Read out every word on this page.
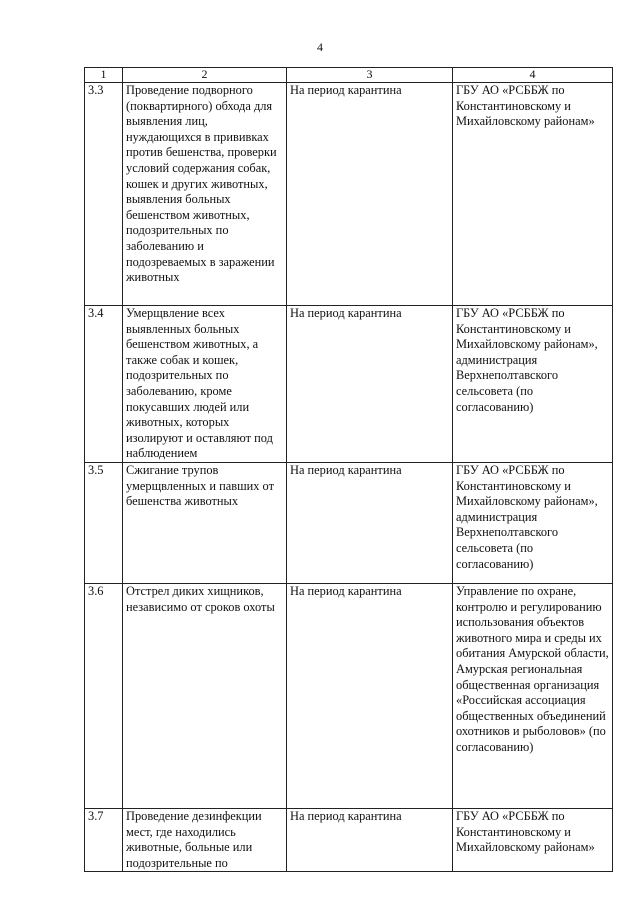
4
1	2	3	4
3.3	Проведение подворного (поквартирного) обхода для выявления лиц, нуждающихся в прививках против бешенства, проверки условий содержания собак, кошек и других животных, выявления больных бешенством животных, подозрительных по заболеванию и подозреваемых в заражении животных	На период карантина	ГБУ АО «РСББЖ по Константиновскому и Михайловскому районам»
3.4	Умерщвление всех выявленных больных бешенством животных, а также собак и кошек, подозрительных по заболеванию, кроме покусавших людей или животных, которых изолируют и оставляют под наблюдением	На период карантина	ГБУ АО «РСББЖ по Константиновскому и Михайловскому районам», администрация Верхнеполтавского сельсовета (по согласованию)
3.5	Сжигание трупов умерщвленных и павших от бешенства животных	На период карантина	ГБУ АО «РСББЖ по Константиновскому и Михайловскому районам», администрация Верхнеполтавского сельсовета (по согласованию)
3.6	Отстрел диких хищников, независимо от сроков охоты	На период карантина	Управление по охране, контролю и регулированию использования объектов животного мира и среды их обитания Амурской области, Амурская региональная общественная организация «Российская ассоциация общественных объединений охотников и рыболовов» (по согласованию)
3.7	Проведение дезинфекции мест, где находились животные, больные или подозрительные по	На период карантина	ГБУ АО «РСББЖ по Константиновскому и Михайловскому районам»
